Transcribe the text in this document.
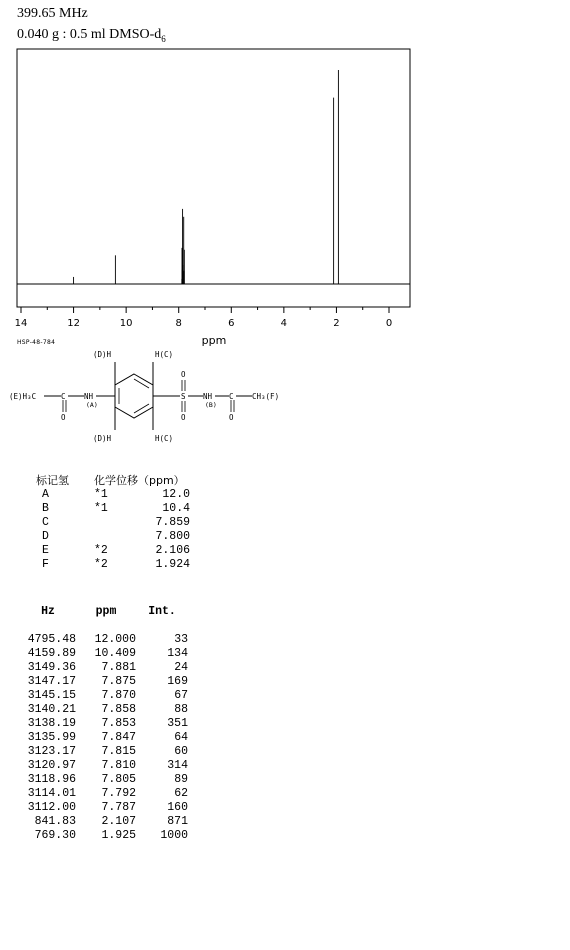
399.65 MHz
0.040 g : 0.5 ml DMSO-$d_6$
14	12	10	8	6	4	2	0
ppm
HSP-48-784
(D)H	H(C)
(D)H	H(C)
(E)H₃C	C
O
NH
(A)
S
O
O
NH
(B)
C
O
CH₃(F)
标记氢	化学位移（ppm）	
A	*1	12.0
B	*1	10.4
C		7.859
D		7.800
E	*2	2.106
F	*2	1.924
Hz	ppm	Int.

4795.48	12.000	33
4159.89	10.409	134
3149.36	7.881	24
3147.17	7.875	169
3145.15	7.870	67
3140.21	7.858	88
3138.19	7.853	351
3135.99	7.847	64
3123.17	7.815	60
3120.97	7.810	314
3118.96	7.805	89
3114.01	7.792	62
3112.00	7.787	160
841.83	2.107	871
769.30	1.925	1000
